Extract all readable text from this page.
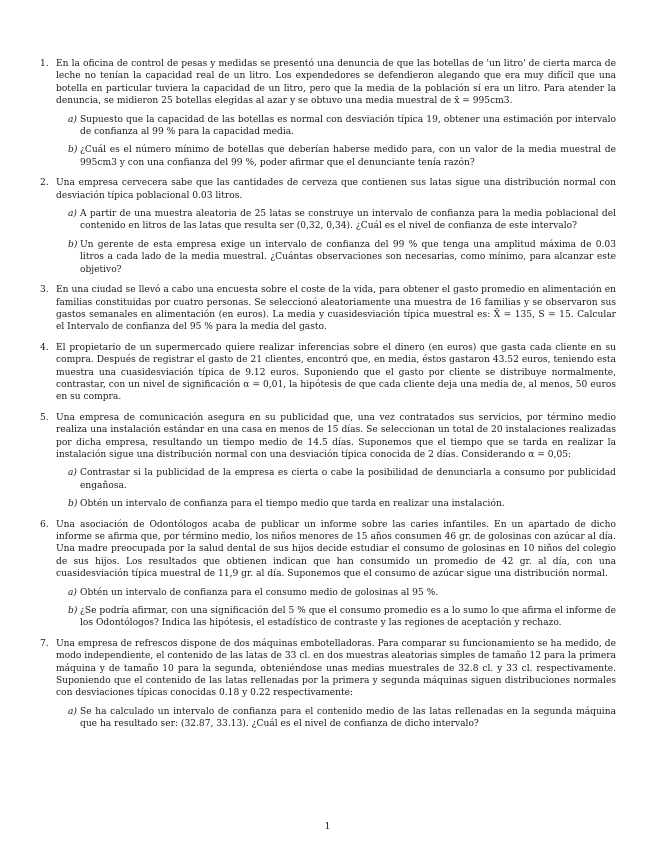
1. En la oficina de control de pesas y medidas se presentó una denuncia de que las botellas de 'un litro' de cierta marca de leche no tenían la capacidad real de un litro. Los expendedores se defendieron alegando que era muy difícil que una botella en particular tuviera la capacidad de un litro, pero que la media de la población sí era un litro. Para atender la denuncia, se midieron 25 botellas elegidas al azar y se obtuvo una media muestral de x̄ = 995cm3.

a) Supuesto que la capacidad de las botellas es normal con desviación típica 19, obtener una estimación por intervalo de confianza al 99 % para la capacidad media.

b) ¿Cuál es el número mínimo de botellas que deberían haberse medido para, con un valor de la media muestral de 995cm3 y con una confianza del 99 %, poder afirmar que el denunciante tenía razón?

2. Una empresa cervecera sabe que las cantidades de cerveza que contienen sus latas sigue una distribución normal con desviación típica poblacional 0.03 litros.

a) A partir de una muestra aleatoria de 25 latas se construye un intervalo de confianza para la media poblacional del contenido en litros de las latas que resulta ser (0,32, 0,34). ¿Cuál es el nivel de confianza de este intervalo?

b) Un gerente de esta empresa exige un intervalo de confianza del 99 % que tenga una amplitud máxima de 0.03 litros a cada lado de la media muestral. ¿Cuántas observaciones son necesarias, como mínimo, para alcanzar este objetivo?

3. En una ciudad se llevó a cabo una encuesta sobre el coste de la vida, para obtener el gasto promedio en alimentación en familias constituidas por cuatro personas. Se seleccionó aleatoriamente una muestra de 16 familias y se observaron sus gastos semanales en alimentación (en euros). La media y cuasidesviación típica muestral es: X̄ = 135, S = 15. Calcular el Intervalo de confianza del 95 % para la media del gasto.

4. El propietario de un supermercado quiere realizar inferencias sobre el dinero (en euros) que gasta cada cliente en su compra. Después de registrar el gasto de 21 clientes, encontró que, en media, éstos gastaron 43.52 euros, teniendo esta muestra una cuasidesviación típica de 9.12 euros. Suponiendo que el gasto por cliente se distribuye normalmente, contrastar, con un nivel de significación α = 0,01, la hipótesis de que cada cliente deja una media de, al menos, 50 euros en su compra.

5. Una empresa de comunicación asegura en su publicidad que, una vez contratados sus servicios, por término medio realiza una instalación estándar en una casa en menos de 15 días. Se seleccionan un total de 20 instalaciones realizadas por dicha empresa, resultando un tiempo medio de 14.5 días. Suponemos que el tiempo que se tarda en realizar la instalación sigue una distribución normal con una desviación típica conocida de 2 días. Considerando α = 0,05:

a) Contrastar si la publicidad de la empresa es cierta o cabe la posibilidad de denunciarla a consumo por publicidad engañosa.

b) Obtén un intervalo de confianza para el tiempo medio que tarda en realizar una instalación.

6. Una asociación de Odontólogos acaba de publicar un informe sobre las caries infantiles. En un apartado de dicho informe se afirma que, por término medio, los niños menores de 15 años consumen 46 gr. de golosinas con azúcar al día. Una madre preocupada por la salud dental de sus hijos decide estudiar el consumo de golosinas en 10 niños del colegio de sus hijos. Los resultados que obtienen indican que han consumido un promedio de 42 gr. al día, con una cuasidesviación típica muestral de 11,9 gr. al día. Suponemos que el consumo de azúcar sigue una distribución normal.

a) Obtén un intervalo de confianza para el consumo medio de golosinas al 95 %.

b) ¿Se podría afirmar, con una significación del 5 % que el consumo promedio es a lo sumo lo que afirma el informe de los Odontólogos? Indica las hipótesis, el estadístico de contraste y las regiones de aceptación y rechazo.

7. Una empresa de refrescos dispone de dos máquinas embotelladoras. Para comparar su funcionamiento se ha medido, de modo independiente, el contenido de las latas de 33 cl. en dos muestras aleatorias simples de tamaño 12 para la primera máquina y de tamaño 10 para la segunda, obteniéndose unas medias muestrales de 32.8 cl. y 33 cl. respectivamente. Suponiendo que el contenido de las latas rellenadas por la primera y segunda máquinas siguen distribuciones normales con desviaciones típicas conocidas 0.18 y 0.22 respectivamente:

a) Se ha calculado un intervalo de confianza para el contenido medio de las latas rellenadas en la segunda máquina que ha resultado ser: (32.87, 33.13). ¿Cuál es el nivel de confianza de dicho intervalo?

1
